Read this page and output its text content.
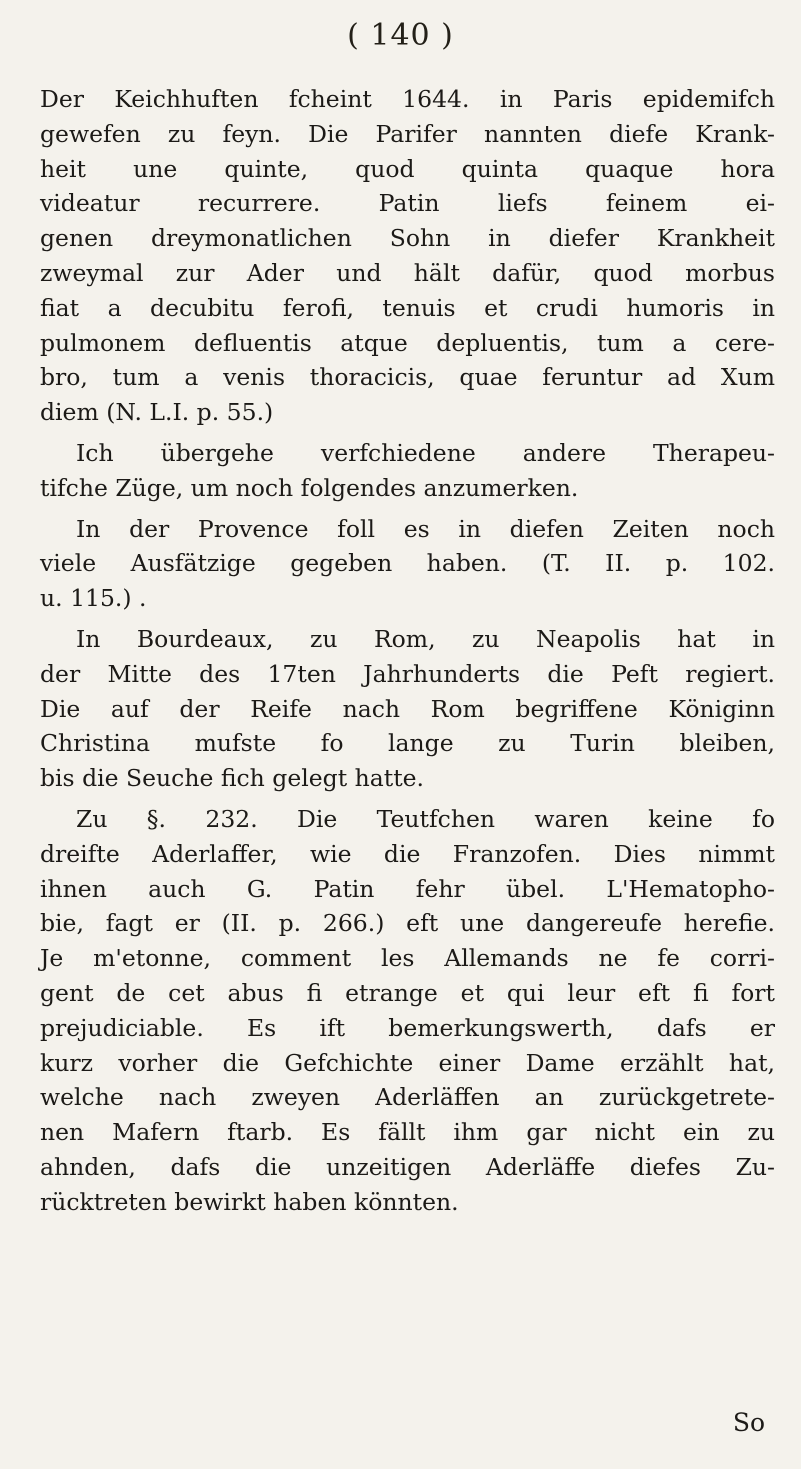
( 140 )
Der Keichhuften fcheint 1644. in Paris epidemifch
gewefen zu feyn. Die Parifer nannten diefe Krank-
heit une quinte, quod quinta quaque hora
videatur recurrere. Patin liefs feinem ei-
genen dreymonatlichen Sohn in diefer Krankheit
zweymal zur Ader und hält dafür, quod morbus
fiat a decubitu ferofi, tenuis et crudi humoris in
pulmonem defluentis atque depluentis, tum a cere-
bro, tum a venis thoracicis, quae feruntur ad Xum
diem (N. L.I. p. 55.)
Ich übergehe verfchiedene andere Therapeu-
tifche Züge, um noch folgendes anzumerken.
In der Provence foll es in diefen Zeiten noch
viele Ausfätzige gegeben haben. (T. II. p. 102.
u. 115.) .
In Bourdeaux, zu Rom, zu Neapolis hat in
der Mitte des 17ten Jahrhunderts die Peft regiert.
Die auf der Reife nach Rom begriffene Königinn
Christina mufste fo lange zu Turin bleiben,
bis die Seuche fich gelegt hatte.
Zu §. 232. Die Teutfchen waren keine fo
dreifte Aderlaffer, wie die Franzofen. Dies nimmt
ihnen auch G. Patin fehr übel. L'Hematopho-
bie, fagt er (II. p. 266.) eft une dangereufe herefie.
Je m'etonne, comment les Allemands ne fe corri-
gent de cet abus fi etrange et qui leur eft fi fort
prejudiciable. Es ift bemerkungswerth, dafs er
kurz vorher die Gefchichte einer Dame erzählt hat,
welche nach zweyen Aderläffen an zurückgetrete-
nen Mafern ftarb. Es fällt ihm gar nicht ein zu
ahnden, dafs die unzeitigen Aderläffe diefes Zu-
rücktreten bewirkt haben könnten.
So
